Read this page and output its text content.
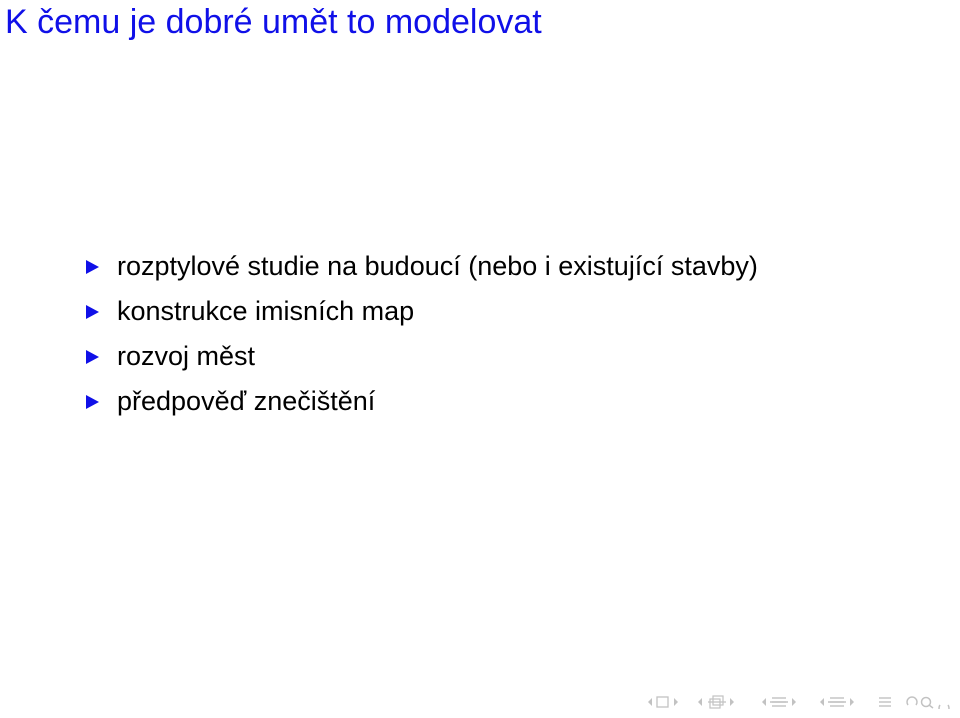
K čemu je dobré umět to modelovat
rozptylové studie na budoucí (nebo i existující stavby)
konstrukce imisních map
rozvoj měst
předpověď znečištění
